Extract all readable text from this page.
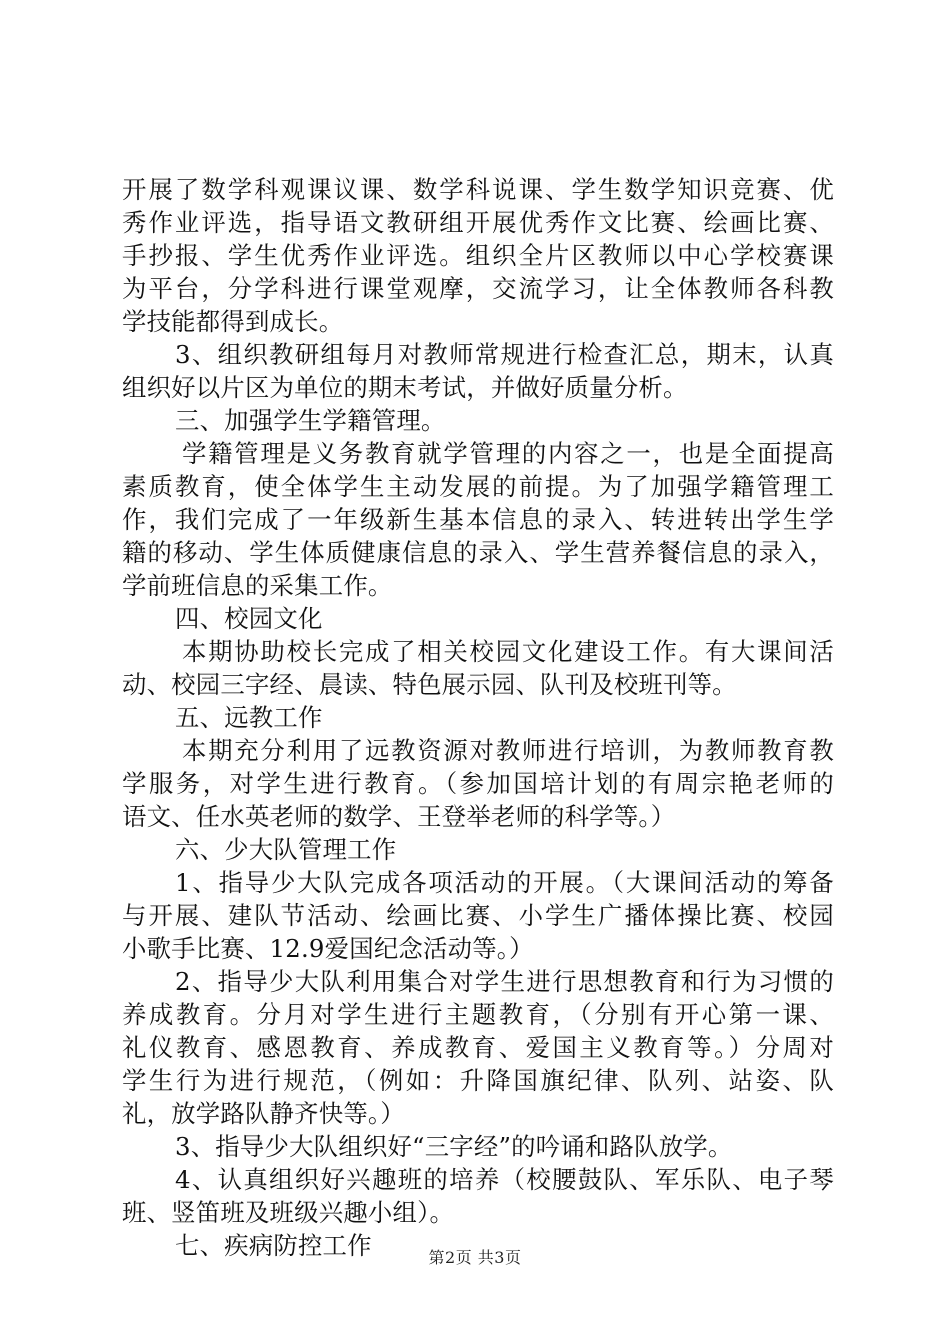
开展了数学科观课议课、数学科说课、学生数学知识竞赛、优
秀作业评选，指导语文教研组开展优秀作文比赛、绘画比赛、
手抄报、学生优秀作业评选。组织全片区教师以中心学校赛课
为平台，分学科进行课堂观摩，交流学习，让全体教师各科教
学技能都得到成长。
3、组织教研组每月对教师常规进行检查汇总，期末，认真
组织好以片区为单位的期末考试，并做好质量分析。
三、加强学生学籍管理。
学籍管理是义务教育就学管理的内容之一，也是全面提高
素质教育，使全体学生主动发展的前提。为了加强学籍管理工
作，我们完成了一年级新生基本信息的录入、转进转出学生学
籍的移动、学生体质健康信息的录入、学生营养餐信息的录入，
学前班信息的采集工作。
四、校园文化
本期协助校长完成了相关校园文化建设工作。有大课间活
动、校园三字经、晨读、特色展示园、队刊及校班刊等。
五、远教工作
本期充分利用了远教资源对教师进行培训，为教师教育教
学服务，对学生进行教育。（参加国培计划的有周宗艳老师的
语文、任水英老师的数学、王登举老师的科学等。）
六、少大队管理工作
1、指导少大队完成各项活动的开展。（大课间活动的筹备
与开展、建队节活动、绘画比赛、小学生广播体操比赛、校园
小歌手比赛、12.9爱国纪念活动等。）
2、指导少大队利用集合对学生进行思想教育和行为习惯的
养成教育。分月对学生进行主题教育，（分别有开心第一课、
礼仪教育、感恩教育、养成教育、爱国主义教育等。）分周对
学生行为进行规范，（例如：升降国旗纪律、队列、站姿、队
礼，放学路队静齐快等。）
3、指导少大队组织好“三字经”的吟诵和路队放学。
4、认真组织好兴趣班的培养（校腰鼓队、军乐队、电子琴
班、竖笛班及班级兴趣小组）。
七、疾病防控工作	第2页 共3页
